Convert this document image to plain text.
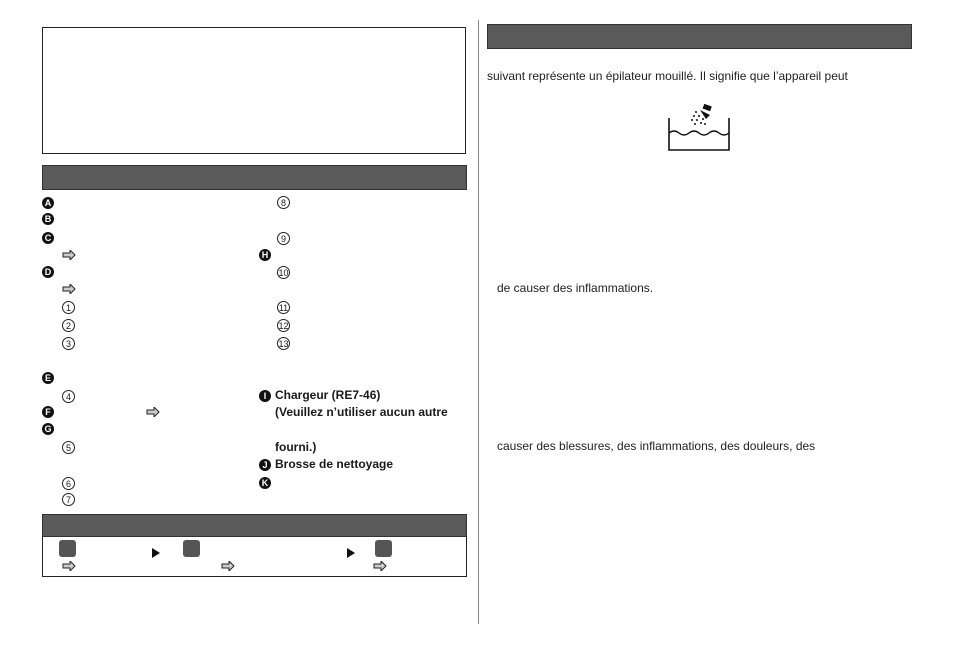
A
B
C
D
1
2
3
E
4
F
G
5
6
7
8
9
H
10
11
12
13
I Chargeur (RE7-46)
(Veuillez n’utiliser aucun autre
fourni.)
J Brosse de nettoyage
K
suivant représente un épilateur mouillé. Il signifie que l’appareil peut
de causer des inflammations.
causer des blessures, des inflammations, des douleurs, des
